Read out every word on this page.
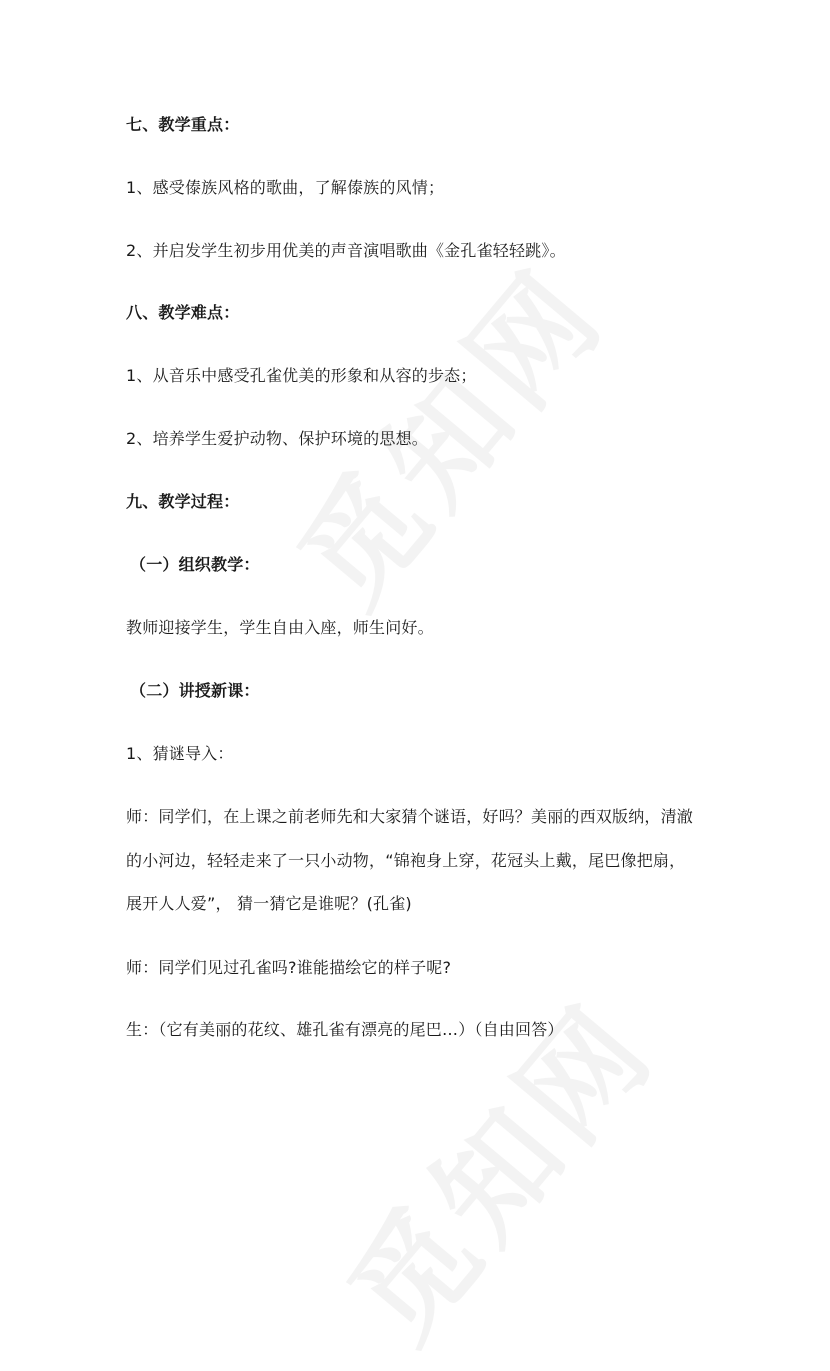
七、教学重点：
1、感受傣族风格的歌曲，了解傣族的风情；
2、并启发学生初步用优美的声音演唱歌曲《金孔雀轻轻跳》。
八、教学难点：
1、从音乐中感受孔雀优美的形象和从容的步态；
2、培养学生爱护动物、保护环境的思想。
九、教学过程：
（一）组织教学：
教师迎接学生，学生自由入座，师生问好。
（二）讲授新课：
1、猜谜导入：
师：同学们，在上课之前老师先和大家猜个谜语，好吗？美丽的西双版纳，清澈
的小河边，轻轻走来了一只小动物，“锦袍身上穿，花冠头上戴，尾巴像把扇，
展开人人爱”， 猜一猜它是谁呢？(孔雀)
师：同学们见过孔雀吗?谁能描绘它的样子呢?
生：（它有美丽的花纹、雄孔雀有漂亮的尾巴…）（自由回答）
